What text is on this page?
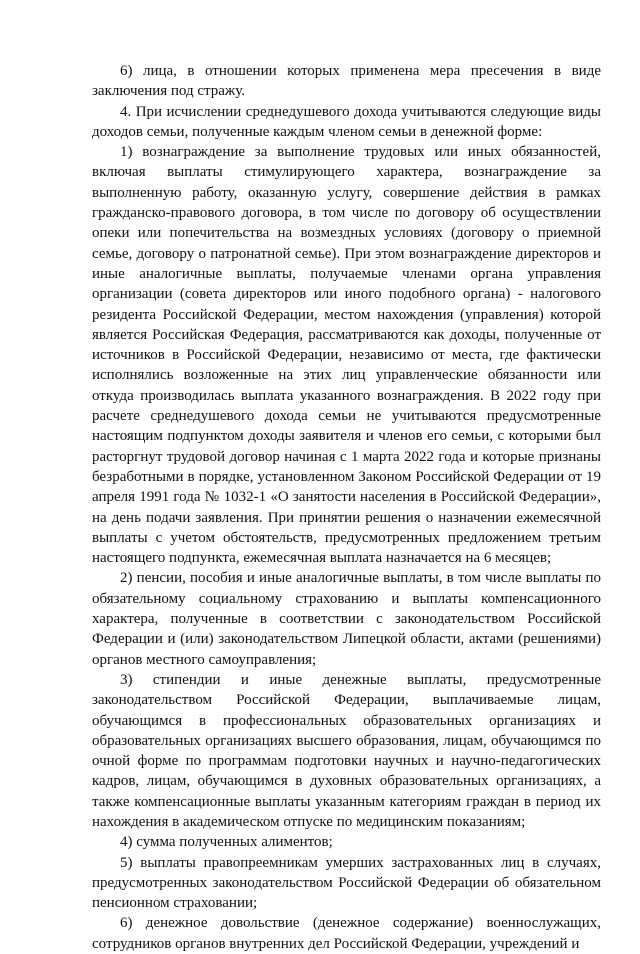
6) лица, в отношении которых применена мера пресечения в виде заключения под стражу.

4. При исчислении среднедушевого дохода учитываются следующие виды доходов семьи, полученные каждым членом семьи в денежной форме:

1) вознаграждение за выполнение трудовых или иных обязанностей, включая выплаты стимулирующего характера, вознаграждение за выполненную работу, оказанную услугу, совершение действия в рамках гражданско-правового договора, в том числе по договору об осуществлении опеки или попечительства на возмездных условиях (договору о приемной семье, договору о патронатной семье). При этом вознаграждение директоров и иные аналогичные выплаты, получаемые членами органа управления организации (совета директоров или иного подобного органа) - налогового резидента Российской Федерации, местом нахождения (управления) которой является Российская Федерация, рассматриваются как доходы, полученные от источников в Российской Федерации, независимо от места, где фактически исполнялись возложенные на этих лиц управленческие обязанности или откуда производилась выплата указанного вознаграждения. В 2022 году при расчете среднедушевого дохода семьи не учитываются предусмотренные настоящим подпунктом доходы заявителя и членов его семьи, с которыми был расторгнут трудовой договор начиная с 1 марта 2022 года и которые признаны безработными в порядке, установленном Законом Российской Федерации от 19 апреля 1991 года № 1032-1 «О занятости населения в Российской Федерации», на день подачи заявления. При принятии решения о назначении ежемесячной выплаты с учетом обстоятельств, предусмотренных предложением третьим настоящего подпункта, ежемесячная выплата назначается на 6 месяцев;

2) пенсии, пособия и иные аналогичные выплаты, в том числе выплаты по обязательному социальному страхованию и выплаты компенсационного характера, полученные в соответствии с законодательством Российской Федерации и (или) законодательством Липецкой области, актами (решениями) органов местного самоуправления;

3) стипендии и иные денежные выплаты, предусмотренные законодательством Российской Федерации, выплачиваемые лицам, обучающимся в профессиональных образовательных организациях и образовательных организациях высшего образования, лицам, обучающимся по очной форме по программам подготовки научных и научно-педагогических кадров, лицам, обучающимся в духовных образовательных организациях, а также компенсационные выплаты указанным категориям граждан в период их нахождения в академическом отпуске по медицинским показаниям;

4) сумма полученных алиментов;

5) выплаты правопреемникам умерших застрахованных лиц в случаях, предусмотренных законодательством Российской Федерации об обязательном пенсионном страховании;

6) денежное довольствие (денежное содержание) военнослужащих, сотрудников органов внутренних дел Российской Федерации, учреждений и
